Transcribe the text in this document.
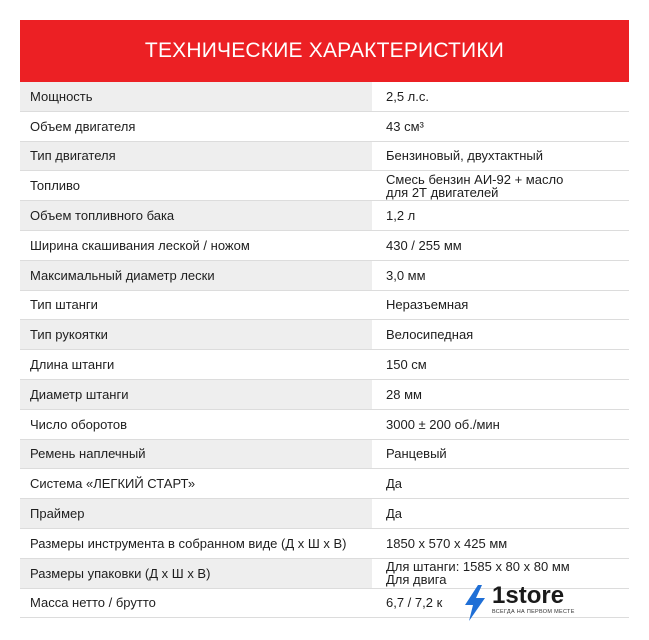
ТЕХНИЧЕСКИЕ ХАРАКТЕРИСТИКИ
Мощность	2,5 л.с.
Объем двигателя	43 см³
Тип двигателя	Бензиновый, двухтактный
Топливо	Смесь бензин АИ-92 + масло
для 2Т двигателей
Объем топливного бака	1,2 л
Ширина скашивания леской / ножом	430 / 255 мм
Максимальный диаметр лески	3,0 мм
Тип штанги	Неразъемная
Тип рукоятки	Велосипедная
Длина штанги	150 см
Диаметр штанги	28 мм
Число оборотов	3000 ± 200 об./мин
Ремень наплечный	Ранцевый
Система «ЛЕГКИЙ СТАРТ»	Да
Праймер	Да
Размеры инструмента в собранном виде (Д х Ш х В)	1850 х 570 х 425 мм
Размеры упаковки (Д х Ш х В)	Для штанги: 1585 х 80 х 80 мм
Для двига
Масса нетто / брутто	6,7 / 7,2 к	1store
ВСЕГДА НА ПЕРВОМ МЕСТЕ
